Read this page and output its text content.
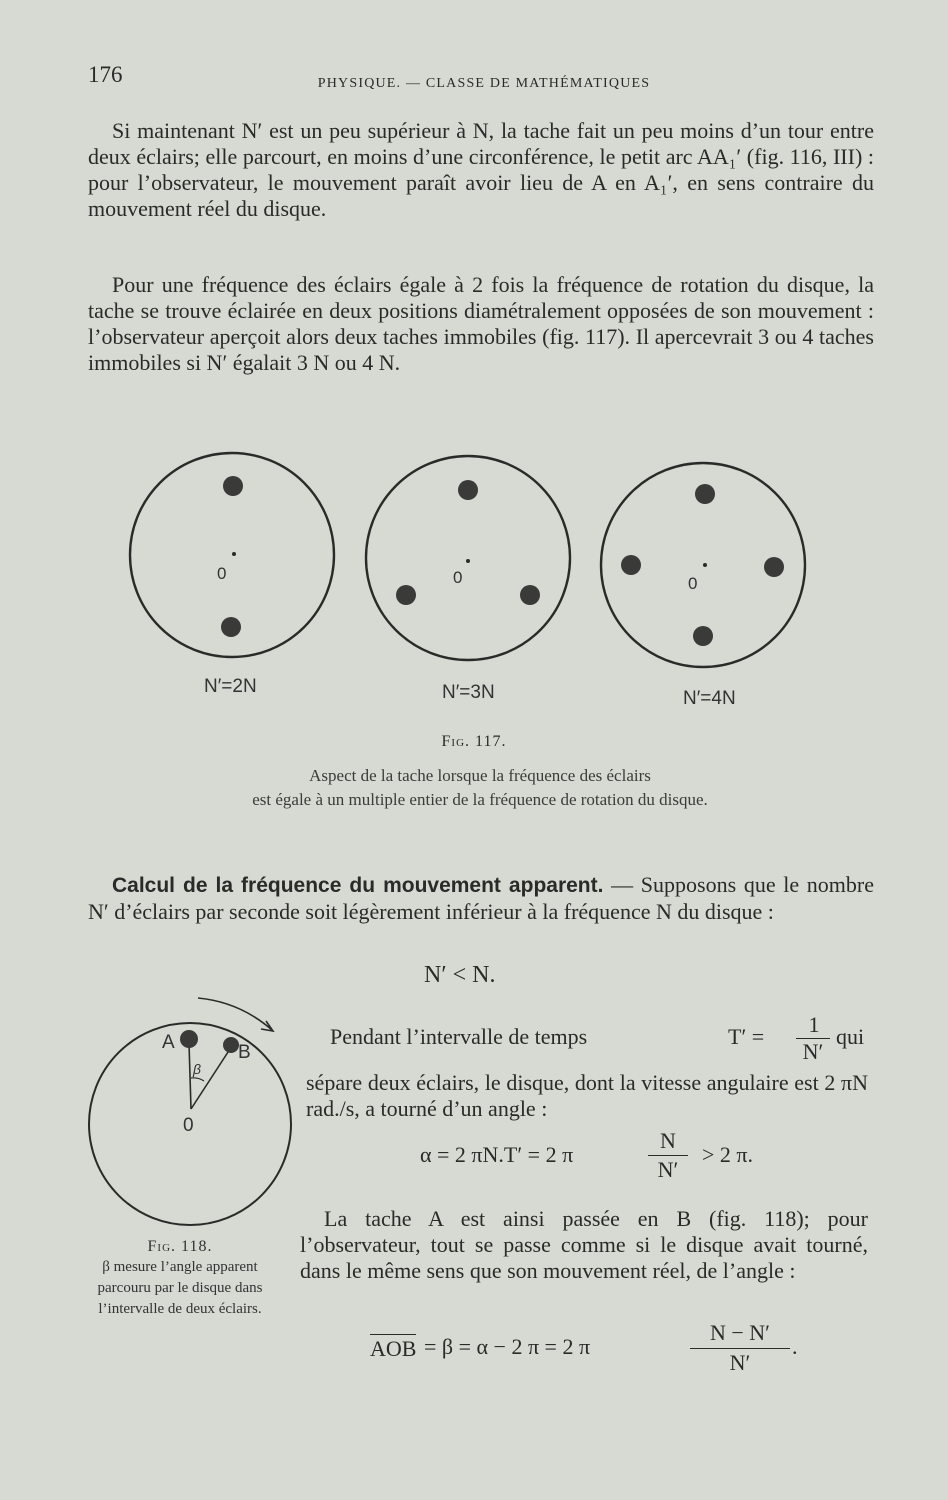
176	PHYSIQUE. — CLASSE DE MATHÉMATIQUES

Si maintenant N′ est un peu supérieur à N, la tache fait un peu moins d’un tour entre deux éclairs; elle parcourt, en moins d’une circonférence, le petit arc AA₁′ (fig. 116, III) : pour l’observateur, le mouvement paraît avoir lieu de A en A₁′, en sens contraire du mouvement réel du disque.

Pour une fréquence des éclairs égale à 2 fois la fréquence de rotation du disque, la tache se trouve éclairée en deux positions diamétralement opposées de son mouvement : l’observateur aperçoit alors deux taches immobiles (fig. 117). Il apercevrait 3 ou 4 taches immobiles si N′ égalait 3 N ou 4 N.

0
N′=2N
0
N′=3N
0
N′=4N
Fig. 117.
Aspect de la tache lorsque la fréquence des éclairs
est égale à un multiple entier de la fréquence de rotation du disque.

Calcul de la fréquence du mouvement apparent. — Supposons que le nombre N′ d’éclairs par seconde soit légèrement inférieur à la fréquence N du disque :

N′ < N.
A	B
β
0
Fig. 118.
β mesure l’angle apparent parcouru par le disque dans l’intervalle de deux éclairs.
Pendant l’intervalle de temps	T′ =	1
N′
qui

sépare deux éclairs, le disque, dont la vitesse angulaire est 2 πN rad./s, a tourné d’un angle :

α = 2 πN.T′ = 2 π
N
N′
> 2 π.

La tache A est ainsi passée en B (fig. 118); pour l’observateur, tout se passe comme si le disque avait tourné, dans le même sens que son mouvement réel, de l’angle :

AOB = β = α − 2 π = 2 π
N − N′
N′
.
